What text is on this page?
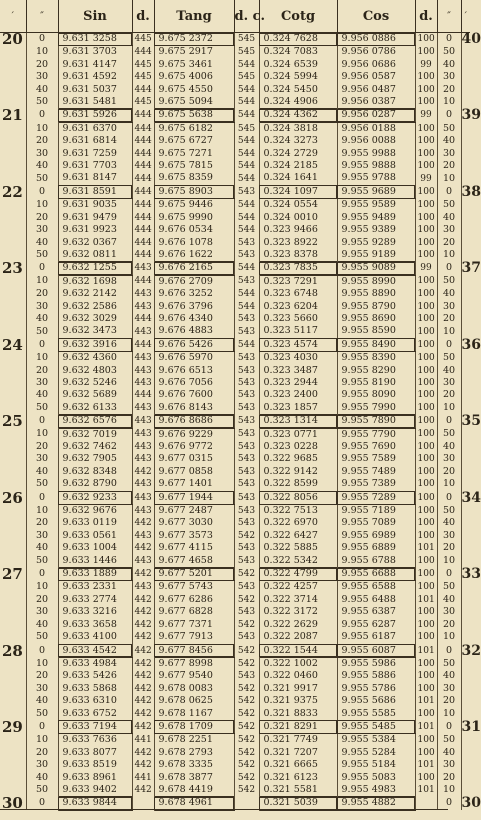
′	″	Sin	d.	Tang	d. c.	Cotg	Cos	d.	″	′
20	0	9.631 3258	445	9.675 2372	545	0.324 7628	9.956 0886	100	0	40
	10	9.631 3703	444	9.675 2917	545	0.324 7083	9.956 0786	100	50	
	20	9.631 4147	445	9.675 3461	544	0.324 6539	9.956 0686	99	40	
	30	9.631 4592	445	9.675 4006	545	0.324 5994	9.956 0587	100	30	
	40	9.631 5037	444	9.675 4550	544	0.324 5450	9.956 0487	100	20	
	50	9.631 5481	445	9.675 5094	544	0.324 4906	9.956 0387	100	10	
21	0	9.631 5926	444	9.675 5638	544	0.324 4362	9.956 0287	99	0	39
	10	9.631 6370	444	9.675 6182	545	0.324 3818	9.956 0188	100	50	
	20	9.631 6814	444	9.675 6727	544	0.324 3273	9.956 0088	100	40	
	30	9.631 7259	444	9.675 7271	544	0.324 2729	9.955 9988	100	30	
	40	9.631 7703	444	9.675 7815	544	0.324 2185	9.955 9888	100	20	
	50	9.631 8147	444	9.675 8359	544	0.324 1641	9.955 9788	99	10	
22	0	9.631 8591	444	9.675 8903	543	0.324 1097	9.955 9689	100	0	38
	10	9.631 9035	444	9.675 9446	544	0.324 0554	9.955 9589	100	50	
	20	9.631 9479	444	9.675 9990	544	0.324 0010	9.955 9489	100	40	
	30	9.631 9923	444	9.676 0534	544	0.323 9466	9.955 9389	100	30	
	40	9.632 0367	444	9.676 1078	543	0.323 8922	9.955 9289	100	20	
	50	9.632 0811	444	9.676 1622	543	0.323 8378	9.955 9189	100	10	
23	0	9.632 1255	443	9.676 2165	544	0.323 7835	9.955 9089	99	0	37
	10	9.632 1698	444	9.676 2709	543	0.323 7291	9.955 8990	100	50	
	20	9.632 2142	443	9.676 3252	544	0.323 6748	9.955 8890	100	40	
	30	9.632 2586	443	9.676 3796	544	0.323 6204	9.955 8790	100	30	
	40	9.632 3029	444	9.676 4340	543	0.323 5660	9.955 8690	100	20	
	50	9.632 3473	443	9.676 4883	543	0.323 5117	9.955 8590	100	10	
24	0	9.632 3916	444	9.676 5426	544	0.323 4574	9.955 8490	100	0	36
	10	9.632 4360	443	9.676 5970	543	0.323 4030	9.955 8390	100	50	
	20	9.632 4803	443	9.676 6513	543	0.323 3487	9.955 8290	100	40	
	30	9.632 5246	443	9.676 7056	543	0.323 2944	9.955 8190	100	30	
	40	9.632 5689	444	9.676 7600	543	0.323 2400	9.955 8090	100	20	
	50	9.632 6133	443	9.676 8143	543	0.323 1857	9.955 7990	100	10	
25	0	9.632 6576	443	9.676 8686	543	0.323 1314	9.955 7890	100	0	35
	10	9.632 7019	443	9.676 9229	543	0.323 0771	9.955 7790	100	50	
	20	9.632 7462	443	9.676 9772	543	0.323 0228	9.955 7690	100	40	
	30	9.632 7905	443	9.677 0315	543	0.322 9685	9.955 7589	100	30	
	40	9.632 8348	442	9.677 0858	543	0.322 9142	9.955 7489	100	20	
	50	9.632 8790	443	9.677 1401	543	0.322 8599	9.955 7389	100	10	
26	0	9.632 9233	443	9.677 1944	543	0.322 8056	9.955 7289	100	0	34
	10	9.632 9676	443	9.677 2487	543	0.322 7513	9.955 7189	100	50	
	20	9.633 0119	442	9.677 3030	543	0.322 6970	9.955 7089	100	40	
	30	9.633 0561	443	9.677 3573	542	0.322 6427	9.955 6989	100	30	
	40	9.633 1004	442	9.677 4115	543	0.322 5885	9.955 6889	101	20	
	50	9.633 1446	443	9.677 4658	543	0.322 5342	9.955 6788	100	10	
27	0	9.633 1889	442	9.677 5201	542	0.322 4799	9.955 6688	100	0	33
	10	9.633 2331	443	9.677 5743	543	0.322 4257	9.955 6588	100	50	
	20	9.633 2774	442	9.677 6286	542	0.322 3714	9.955 6488	101	40	
	30	9.633 3216	442	9.677 6828	543	0.322 3172	9.955 6387	100	30	
	40	9.633 3658	442	9.677 7371	542	0.322 2629	9.955 6287	100	20	
	50	9.633 4100	442	9.677 7913	543	0.322 2087	9.955 6187	100	10	
28	0	9.633 4542	442	9.677 8456	542	0.322 1544	9.955 6087	101	0	32
	10	9.633 4984	442	9.677 8998	542	0.322 1002	9.955 5986	100	50	
	20	9.633 5426	442	9.677 9540	543	0.322 0460	9.955 5886	100	40	
	30	9.633 5868	442	9.678 0083	542	0.321 9917	9.955 5786	100	30	
	40	9.633 6310	442	9.678 0625	542	0.321 9375	9.955 5686	101	20	
	50	9.633 6752	442	9.678 1167	542	0.321 8833	9.955 5585	100	10	
29	0	9.633 7194	442	9.678 1709	542	0.321 8291	9.955 5485	101	0	31
	10	9.633 7636	441	9.678 2251	542	0.321 7749	9.955 5384	100	50	
	20	9.633 8077	442	9.678 2793	542	0.321 7207	9.955 5284	100	40	
	30	9.633 8519	442	9.678 3335	542	0.321 6665	9.955 5184	101	30	
	40	9.633 8961	441	9.678 3877	542	0.321 6123	9.955 5083	100	20	
	50	9.633 9402	442	9.678 4419	542	0.321 5581	9.955 4983	101	10	
30	0	9.633 9844		9.678 4961		0.321 5039	9.955 4882		0	30
